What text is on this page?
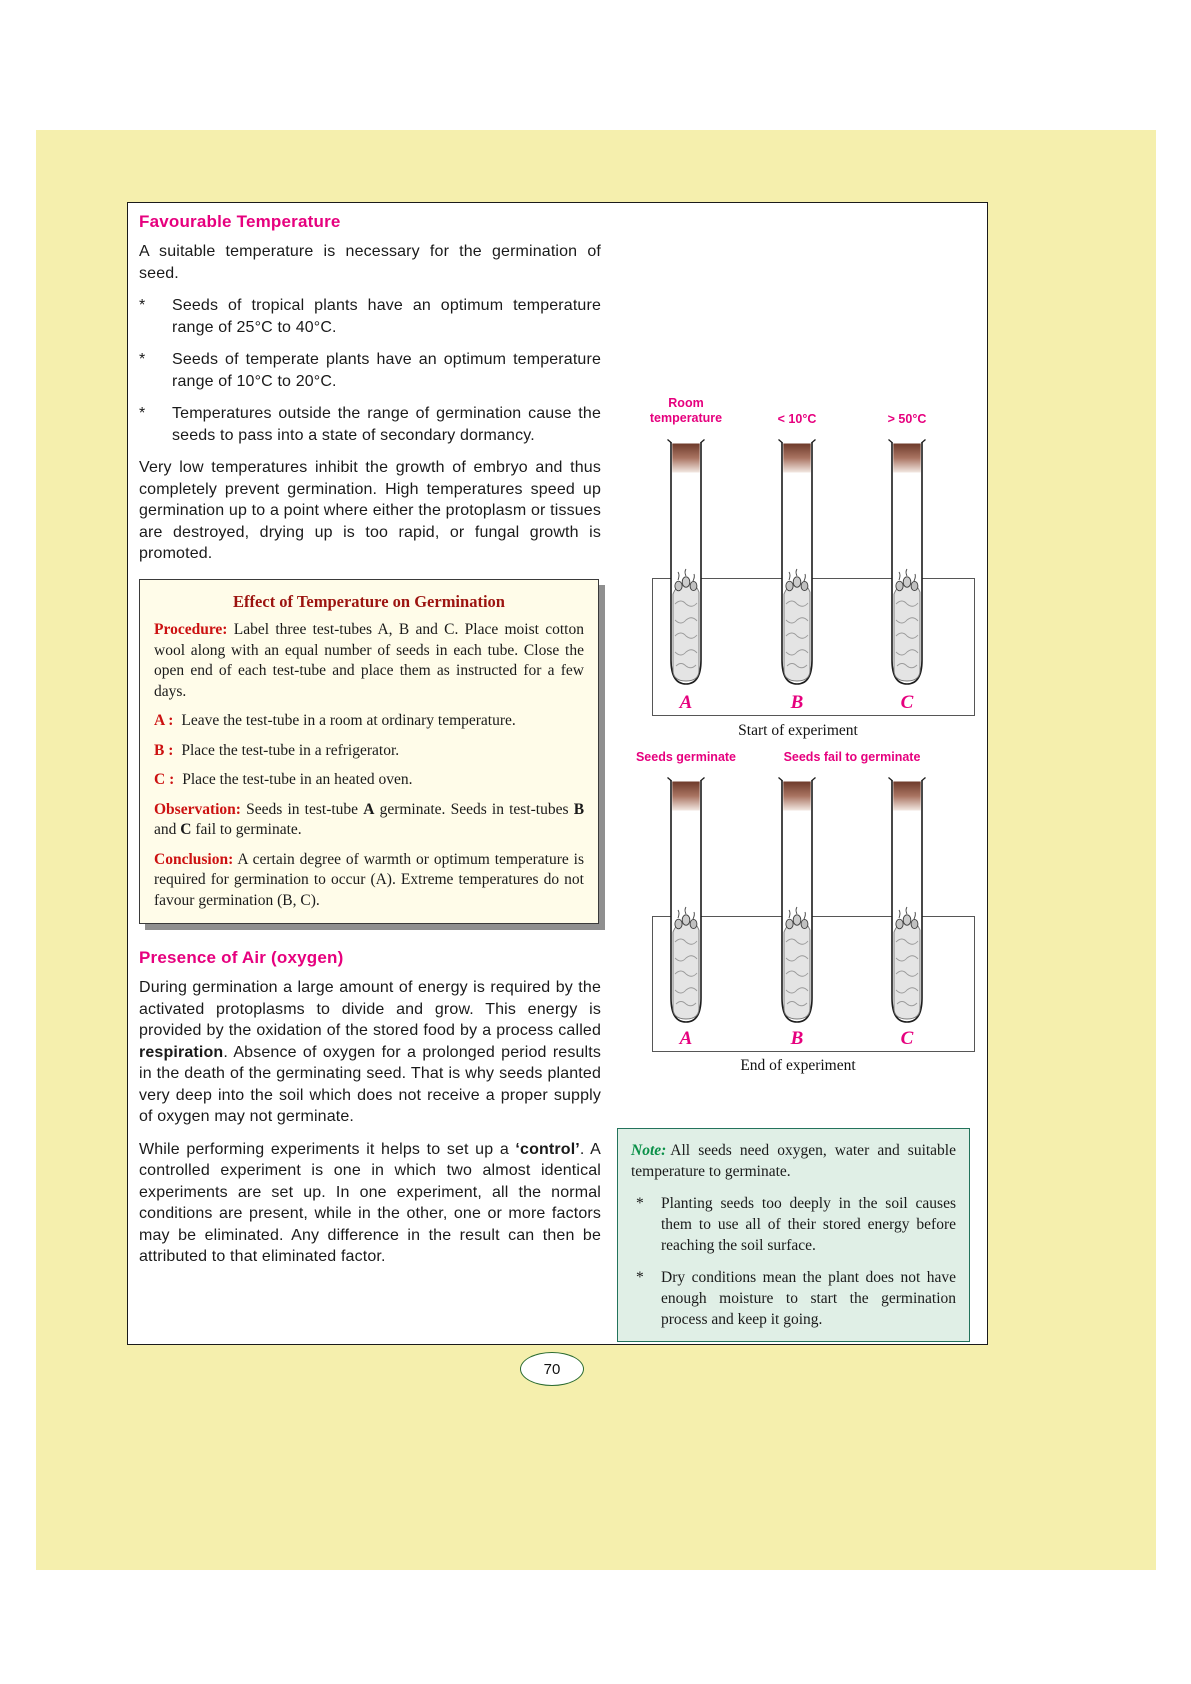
Favourable Temperature

A suitable temperature is necessary for the germination of seed.

*	Seeds of tropical plants have an optimum temperature range of 25°C to 40°C.
*	Seeds of temperate plants have an optimum temperature range of 10°C to 20°C.
*	Temperatures outside the range of germination cause the seeds to pass into a state of secondary dormancy.

Very low temperatures inhibit the growth of embryo and thus completely prevent germination. High temperatures speed up germination up to a point where either the protoplasm or tissues are destroyed, drying up is too rapid, or fungal growth is promoted.

Effect of Temperature on Germination

Procedure: Label three test-tubes A, B and C. Place moist cotton wool along with an equal number of seeds in each tube. Close the open end of each test-tube and place them as instructed for a few days.

A : Leave the test-tube in a room at ordinary temperature.

B : Place the test-tube in a refrigerator.

C : Place the test-tube in an heated oven.

Observation: Seeds in test-tube A germinate. Seeds in test-tubes B and C fail to germinate.

Conclusion: A certain degree of warmth or optimum temperature is required for germination to occur (A). Extreme temperatures do not favour germination (B, C).

Presence of Air (oxygen)

During germination a large amount of energy is required by the activated protoplasms to divide and grow. This energy is provided by the oxidation of the stored food by a process called respiration. Absence of oxygen for a prolonged period results in the death of the germinating seed. That is why seeds planted very deep into the soil which does not receive a proper supply of oxygen may not germinate.

While performing experiments it helps to set up a ‘control’. A controlled experiment is one in which two almost identical experiments are set up. In one experiment, all the normal conditions are present, while in the other, one or more factors may be eliminated. Any difference in the result can then be attributed to that eliminated factor.

Room temperature	< 10°C	> 50°C
A	B	C
Start of experiment
Seeds germinate	Seeds fail to germinate
A	B	C
End of experiment

Note: All seeds need oxygen, water and suitable temperature to germinate.

*	Planting seeds too deeply in the soil causes them to use all of their stored energy before reaching the soil surface.
*	Dry conditions mean the plant does not have enough moisture to start the germination process and keep it going.
70
